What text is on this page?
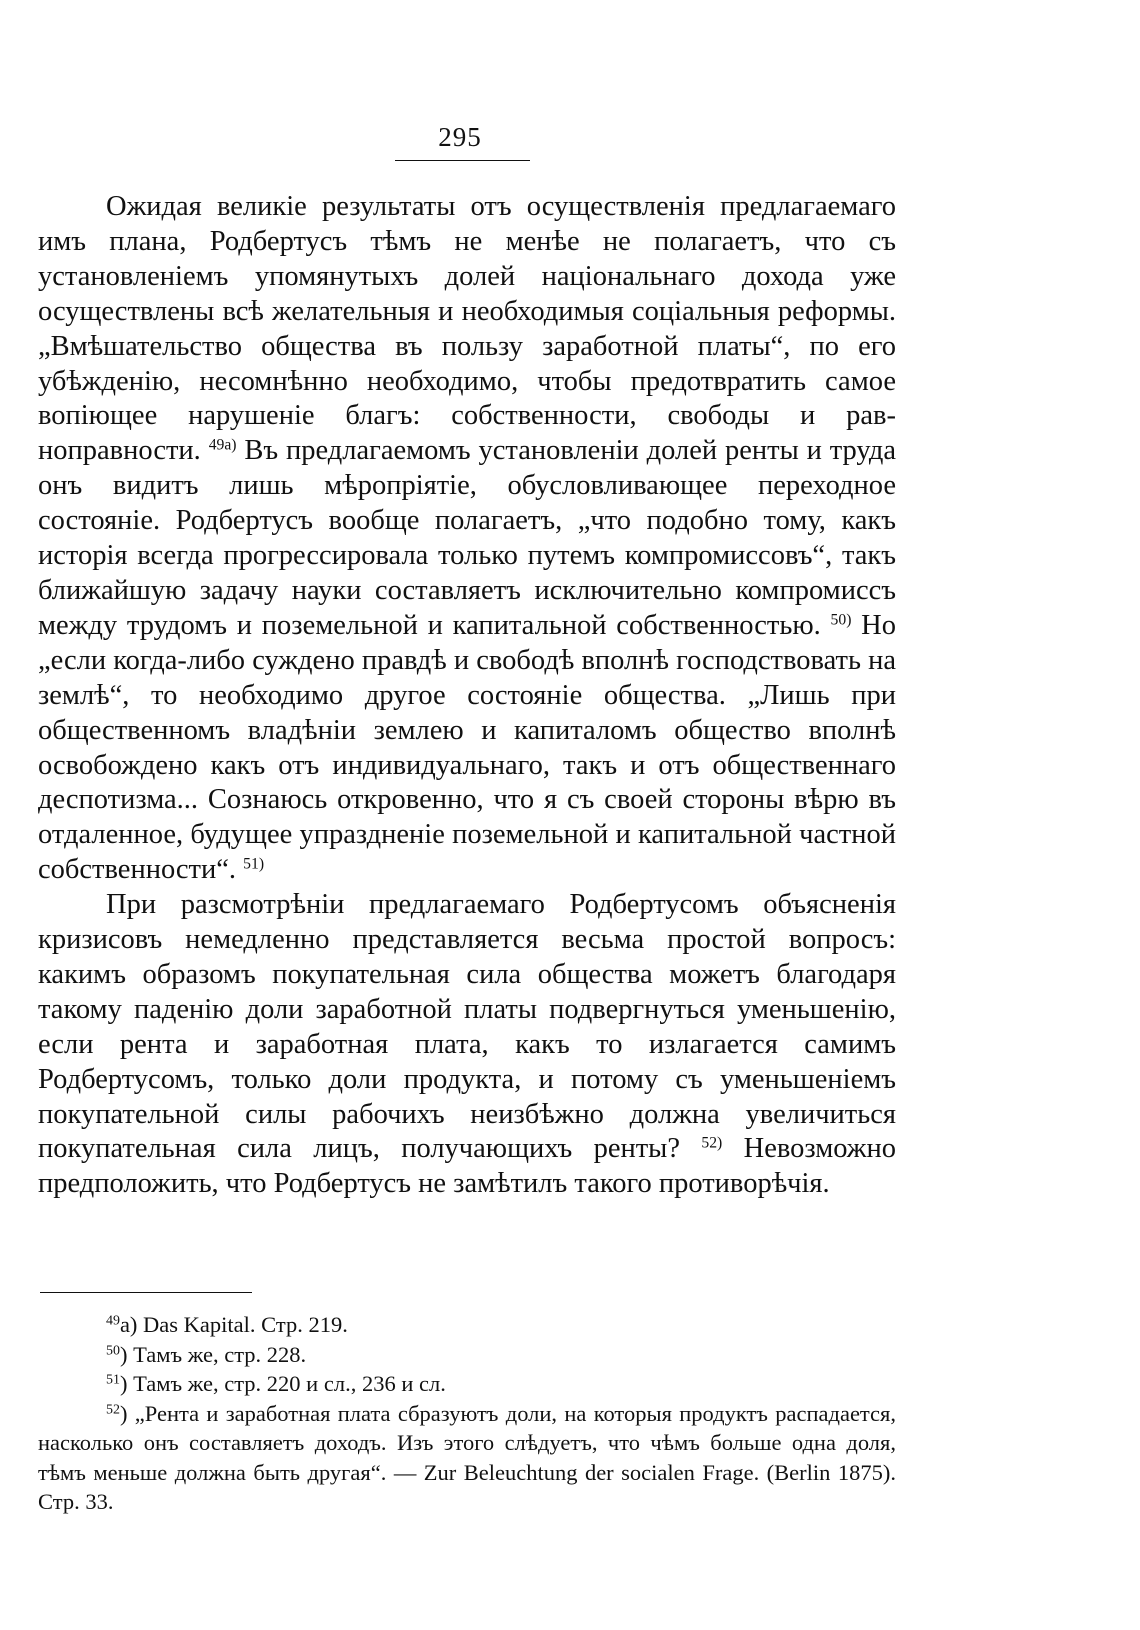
295

Ожидая великіе результаты отъ осуществленія предлагаемаго имъ плана, Родбертусъ тѣмъ не менѣе не полагаетъ, что съ установленіемъ упомянутыхъ долей національнаго дохода уже осуществлены всѣ желательныя и необходимыя соціальныя реформы. „Вмѣшательство общества въ пользу заработной платы“, по его убѣжденію, несомнѣнно необходимо, чтобы предотвратить самое вопіющее нарушеніе благъ: собственности, свободы и равноправности. $^{49а)}$ Въ предлагаемомъ установленіи долей ренты и труда онъ видитъ лишь мѣропріятіе, обусловливающее переходное состояніе. Родбертусъ вообще полагаетъ, „что подобно тому, какъ исторія всегда прогрессировала только путемъ компромиссовъ“, такъ ближайшую задачу науки составляетъ исключительно компромиссъ между трудомъ и поземельной и капитальной собственностью. $^{50)}$ Но „если когда-либо суждено правдѣ и свободѣ вполнѣ господствовать на землѣ“, то необходимо другое состояніе общества. „Лишь при общественномъ владѣніи землею и капиталомъ общество вполнѣ освобождено какъ отъ индивидуальнаго, такъ и отъ общественнаго деспотизма... Сознаюсь откровенно, что я съ своей стороны вѣрю въ отдаленное, будущее упраздненіе поземельной и капитальной частной собственности“. $^{51)}$

При разсмотрѣніи предлагаемаго Родбертусомъ объясненія кризисовъ немедленно представляется весьма простой вопросъ: какимъ образомъ покупательная сила общества можетъ благодаря такому паденію доли заработной платы подвергнуться уменьшенію, если рента и заработная плата, какъ то излагается самимъ Родбертусомъ, только доли продукта, и потому съ уменьшеніемъ покупательной силы рабочихъ неизбѣжно должна увеличиться покупательная сила лицъ, получающихъ ренты? $^{52)}$ Невозможно предположить, что Родбертусъ не замѣтилъ такого противорѣчія.

$^{49}$а) Das Kapital. Стр. 219.

$^{50}$) Тамъ же, стр. 228.

$^{51}$) Тамъ же, стр. 220 и сл., 236 и сл.

$^{52}$) „Рента и заработная плата сбразуютъ доли, на которыя продуктъ распадается, насколько онъ составляетъ доходъ. Изъ этого слѣдуетъ, что чѣмъ больше одна доля, тѣмъ меньше должна быть другая“. — Zur Beleuchtung der socialen Frage. (Berlin 1875). Стр. 33.
